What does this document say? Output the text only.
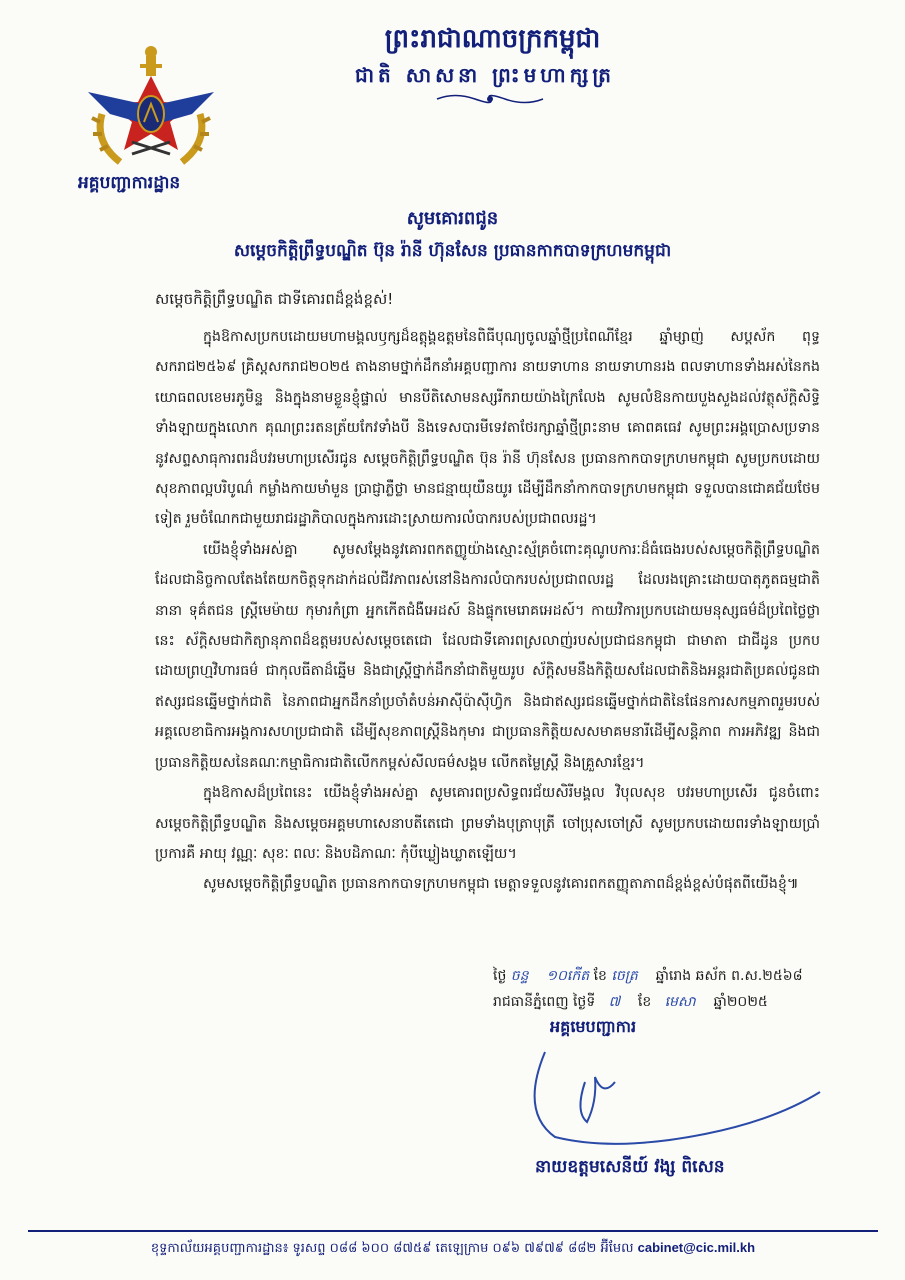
អគ្គបញ្ជាការដ្ឋាន
ព្រះរាជាណាចក្រកម្ពុជា
ជាតិ សាសនា ព្រះមហាក្សត្រ
សូមគោរពជូន
សម្ដេចកិត្តិព្រឹទ្ធបណ្ឌិត ប៊ុន រ៉ានី ហ៊ុនសែន ប្រធានកាកបាទក្រហមកម្ពុជា
សម្ដេចកិត្តិព្រឹទ្ធបណ្ឌិត ជាទីគោរពដ៏ខ្ពង់ខ្ពស់!

ក្នុងឱកាសប្រកបដោយមហាមង្គលឫក្សដ៏ឧត្តុង្គឧត្តមនៃពិធីបុណ្យចូលឆ្នាំថ្មីប្រពៃណីខ្មែរ ឆ្នាំម្សាញ់ សប្តស័ក ពុទ្ធសករាជ២៥៦៩ គ្រិស្តសករាជ២០២៥ តាងនាមថ្នាក់ដឹកនាំអគ្គបញ្ជាការ នាយទាហាន នាយទាហានរង ពលទាហានទាំងអស់នៃកងយោធពលខេមរភូមិន្ទ និងក្នុងនាមខ្លួនខ្ញុំផ្ទាល់ មានបីតិសោមនស្សរីករាយយ៉ាងក្រៃលែង សូមលំឱនកាយបួងសួងដល់វត្ថុស័ក្តិសិទ្ធិទាំងឡាយក្នុងលោក គុណព្រះរតនត្រ័យកែវទាំងបី និងទេសបារមីទេវតាថែរក្សាឆ្នាំថ្មីព្រះនាម គោពគធេវ សូមព្រះអង្គប្រោសប្រទាននូវសព្ទសាធុការពរដ៏បវរមហាប្រសើរជូន សម្ដេចកិត្តិព្រឹទ្ធបណ្ឌិត ប៊ុន រ៉ានី ហ៊ុនសែន ប្រធានកាកបាទក្រហមកម្ពុជា សូមប្រកបដោយសុខភាពល្អបរិបូណ៌ កម្លាំងកាយមាំមួន ប្រាជ្ញាភ្លឺថ្លា មានជន្មាយុយឺនយូរ ដើម្បីដឹកនាំកាកបាទក្រហមកម្ពុជា ទទួលបានជោគជ័យថែមទៀត រួមចំណែកជាមួយរាជរដ្ឋាភិបាលក្នុងការដោះស្រាយការលំបាករបស់ប្រជាពលរដ្ឋ។

យើងខ្ញុំទាំងអស់គ្នា សូមសម្ដែងនូវគោរពកតញ្ញូយ៉ាងស្មោះស្ម័គ្រចំពោះគុណូបការៈដ៏ធំធេងរបស់សម្ដេចកិត្តិព្រឹទ្ធបណ្ឌិត ដែលជានិច្ចកាលតែងតែយកចិត្តទុកដាក់ដល់ជីវភាពរស់នៅនិងការលំបាករបស់ប្រជាពលរដ្ឋ ដែលរងគ្រោះដោយបាតុភូតធម្មជាតិនានា ទុគ៌តជន ស្ត្រីមេម៉ាយ កុមារកំព្រា អ្នកកើតជំងឺអេដស៍ និងផ្ទុកមេរោគអេដស៍។ កាយវិការប្រកបដោយមនុស្សធម៌ដ៏ប្រពៃថ្លៃថ្លានេះ ស័ក្តិសមជាកិត្យានុភាពដ៏ឧត្តមរបស់សម្ដេចតេជោ ដែលជាទីគោរពស្រលាញ់របស់ប្រជាជនកម្ពុជា ជាមាតា ជាជីដូន ប្រកបដោយព្រហ្មវិហារធម៌ ជាកុលធីតាដ៏ឆ្នើម និងជាស្ត្រីថ្នាក់ដឹកនាំជាតិមួយរូប ស័ក្តិសមនឹងកិត្តិយសដែលជាតិនិងអន្តរជាតិប្រគល់ជូនជាឥស្សរជនឆ្នើមថ្នាក់ជាតិ នៃភាពជាអ្នកដឹកនាំប្រចាំតំបន់អាស៊ីប៉ាស៊ីហ្វិក និងជាឥស្សរជនឆ្នើមថ្នាក់ជាតិនៃផែនការសកម្មភាពរួមរបស់អគ្គលេខាធិការអង្គការសហប្រជាជាតិ ដើម្បីសុខភាពស្ត្រីនិងកុមារ ជាប្រធានកិត្តិយសសមាគមនារីដើម្បីសន្តិភាព ការអភិវឌ្ឍ និងជាប្រធានកិត្តិយសនៃគណៈកម្មាធិការជាតិលើកកម្ពស់សីលធម៌សង្គម លើកតម្លៃស្ត្រី និងគ្រួសារខ្មែរ។

ក្នុងឱកាសដ៏ប្រពៃនេះ យើងខ្ញុំទាំងអស់គ្នា សូមគោរពប្រសិទ្ធពរជ័យសិរីមង្គល វិបុលសុខ បវរមហាប្រសើរ ជូនចំពោះសម្ដេចកិត្តិព្រឹទ្ធបណ្ឌិត និងសម្ដេចអគ្គមហាសេនាបតីតេជោ ព្រមទាំងបុត្រាបុត្រី ចៅប្រុសចៅស្រី សូមប្រកបដោយពរទាំងឡាយប្រាំប្រការគឺ អាយុ វណ្ណៈ សុខៈ ពលៈ និងបដិភាណៈ កុំបីឃ្លៀងឃ្លាតឡើយ។

សូមសម្ដេចកិត្តិព្រឹទ្ធបណ្ឌិត ប្រធានកាកបាទក្រហមកម្ពុជា មេត្តាទទួលនូវគោរពកតញ្ញុតាភាពដ៏ខ្ពង់ខ្ពស់បំផុតពីយើងខ្ញុំ៕

ថ្ងៃ ចន្ទ ១០កើត ខែ ចេត្រ ឆ្នាំរោង ឆស័ក ព.ស.២៥៦៨
រាជធានីភ្នំពេញ ថ្ងៃទី ៧ ខែ មេសា ឆ្នាំ២០២៥
អគ្គមេបញ្ជាការ
នាយឧត្ដមសេនីយ៍ វង្ស ពិសេន
ខុទ្ទកាល័យអគ្គបញ្ជាការដ្ឋាន៖ ទូរសព្ទ ០៨៨ ៦០០ ៨៧៥៩ តេឡេក្រាម ០៩៦ ៧៩៧៩ ៨៨២ អ៊ីមែល cabinet@cic.mil.kh
